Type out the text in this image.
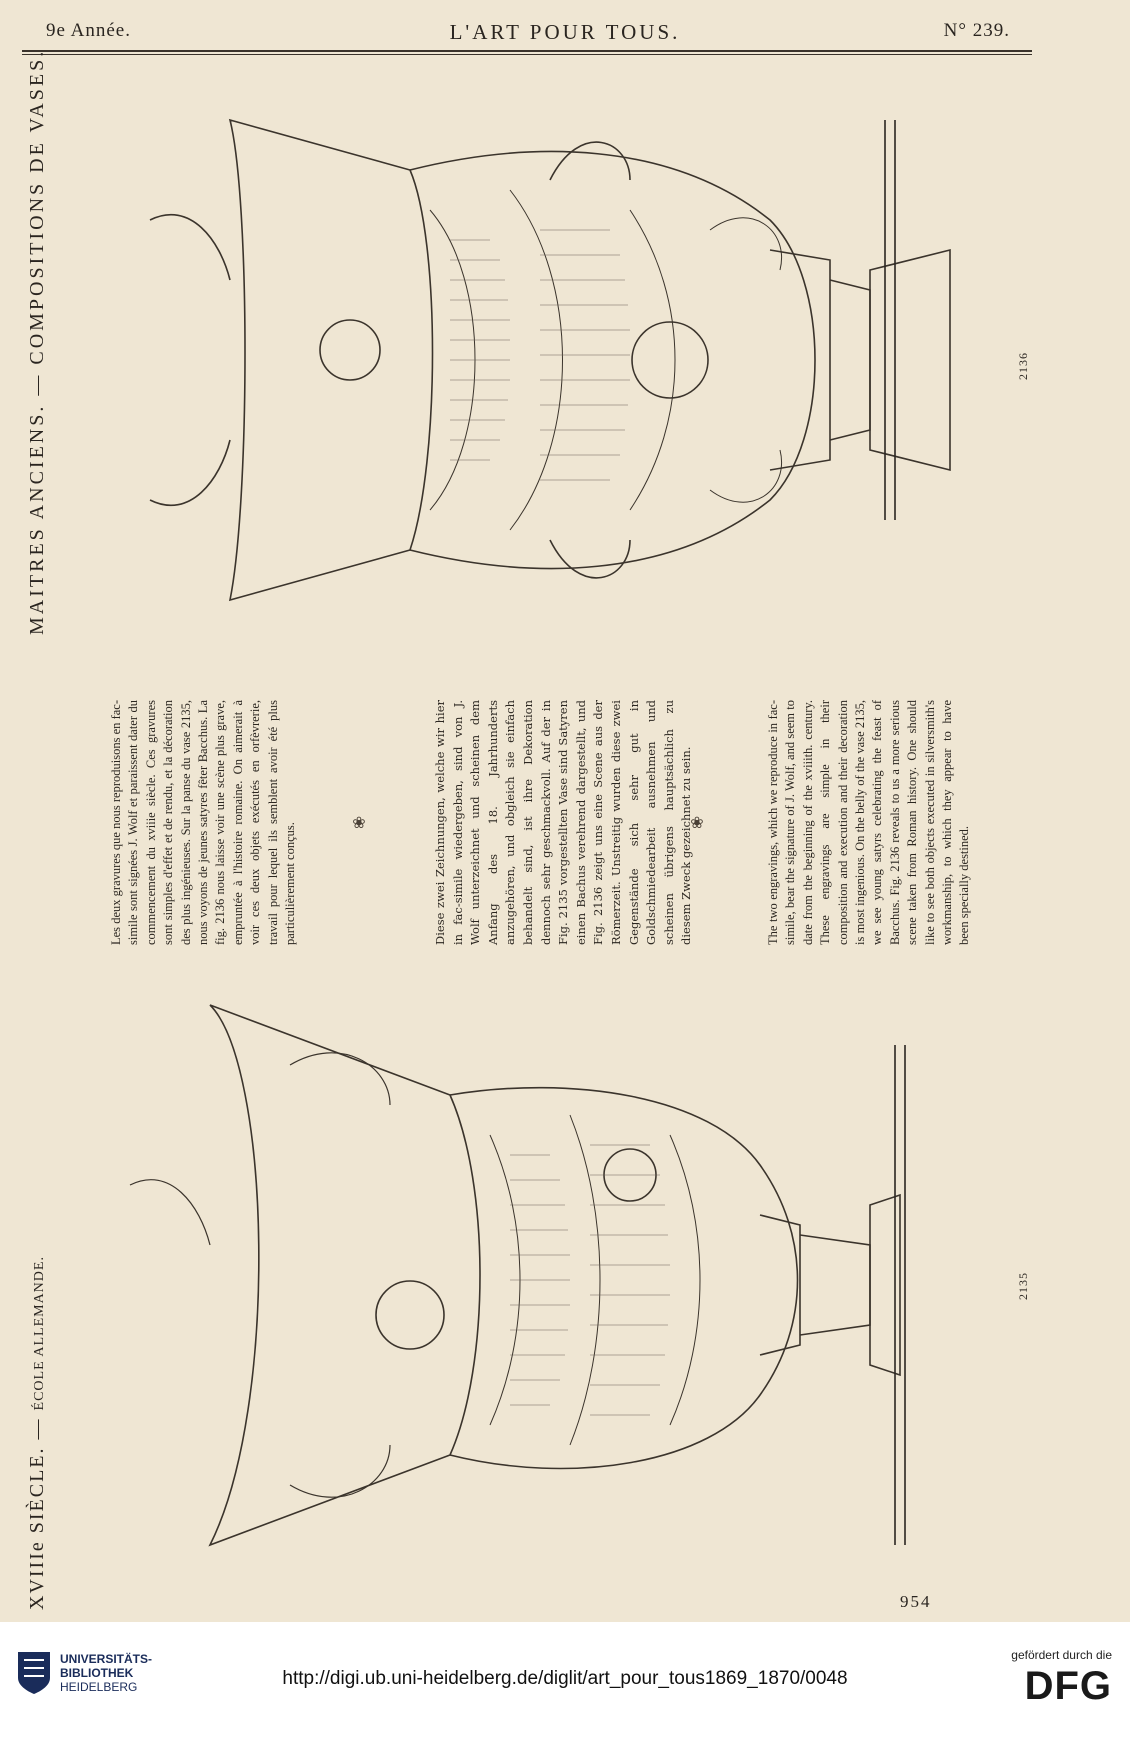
9e Année.	L'ART POUR TOUS.	N° 239.
MAITRES ANCIENS. — COMPOSITIONS DE VASES.
XVIIIe SIÈCLE. — ÉCOLE ALLEMANDE.

Les deux gravures que nous reproduisons en fac-simile sont signées J. Wolf et paraissent dater du commencement du xviiie siècle. Ces gravures sont simples d'effet et de rendu, et la décoration des plus ingénieuses. Sur la panse du vase 2135, nous voyons de jeunes satyres fêter Bacchus. La fig. 2136 nous laisse voir une scène plus grave, empruntée à l'histoire romaine. On aimerait à voir ces deux objets exécutés en orfèvrerie, travail pour lequel ils semblent avoir été plus particulièrement conçus.	❀	Diese zwei Zeichnungen, welche wir hier in fac-simile wiedergeben, sind von J. Wolf unterzeichnet und scheinen dem Anfang des 18. Jahrhunderts anzugehören, und obgleich sie einfach behandelt sind, ist ihre Dekoration dennoch sehr geschmackvoll. Auf der in Fig. 2135 vorgestellten Vase sind Satyren einen Bachus verehrend dargestellt, und Fig. 2136 zeigt uns eine Scene aus der Römerzeit. Unstreitig wurden diese zwei Gegenstände sich sehr gut in Goldschmiedearbeit ausnehmen und scheinen übrigens hauptsächlich zu diesem Zweck gezeichnet zu sein.

❀	The two engravings, which we reproduce in fac-simile, bear the signature of J. Wolf, and seem to date from the beginning of the xviiith. century. These engravings are simple in their composition and execution and their decoration is most ingenious. On the belly of the vase 2135, we see young satyrs celebrating the feast of Bacchus. Fig. 2136 reveals to us a more serious scene taken from Roman history. One should like to see both objects executed in silversmith's workmanship, to which they appear to have been specially destined.

2136
2135
954
UNIVERSITÄTS-
BIBLIOTHEK
HEIDELBERG	http://digi.ub.uni-heidelberg.de/diglit/art_pour_tous1869_1870/0048
gefördert durch die
DFG
